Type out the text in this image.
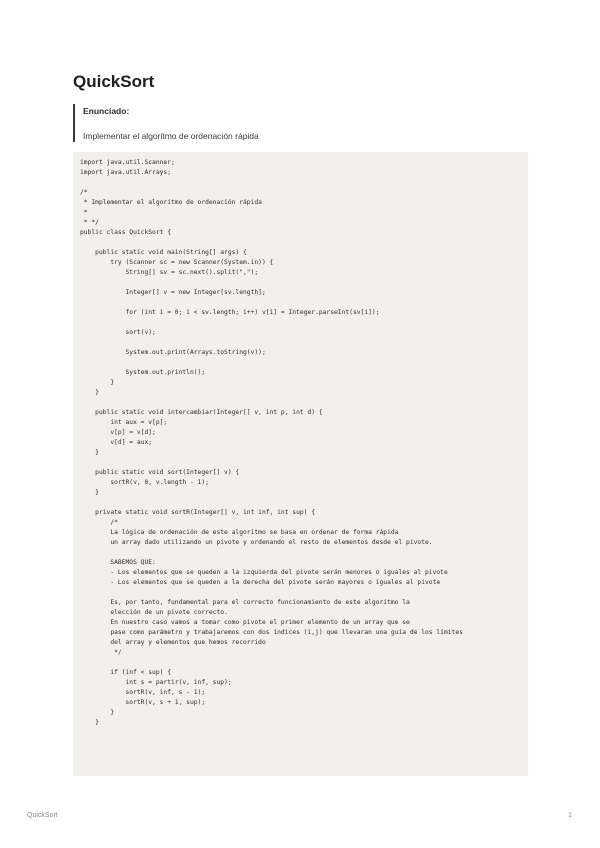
QuickSort
Enunciado:
Implementar el algoritmo de ordenación rápida
import java.util.Scanner;
import java.util.Arrays;

/*
* Implementar el algoritmo de ordenación rápida
*
* */
public class QuickSort {

public static void main(String[] args) {
try (Scanner sc = new Scanner(System.in)) {
String[] sv = sc.next().split(",");

Integer[] v = new Integer[sv.length];

for (int i = 0; i < sv.length; i++) v[i] = Integer.parseInt(sv[i]);

sort(v);

System.out.print(Arrays.toString(v));

System.out.println();
}
}

public static void intercambiar(Integer[] v, int p, int d) {
int aux = v[p];
v[p] = v[d];
v[d] = aux;
}

public static void sort(Integer[] v) {
sortR(v, 0, v.length - 1);
}

private static void sortR(Integer[] v, int inf, int sup) {
/*
La lógica de ordenación de este algoritmo se basa en ordenar de forma rápida
un array dado utilizando un pivote y ordenando el resto de elementos desde el pivote.

SABEMOS QUE:
- Los elementos que se queden a la izquierda del pivote serán menores o iguales al pivote
- Los elementos que se queden a la derecha del pivote serán mayores o iguales al pivote

Es, por tanto, fundamental para el correcto funcionamiento de este algoritmo la
elección de un pivote correcto.
En nuestro caso vamos a tomar como pivote el primer elemento de un array que se
pase como parámetro y trabajaremos con dos índices (i,j) que llevaran una guía de los límites
del array y elementos que hemos recorrido
*/

if (inf < sup) {
int s = partir(v, inf, sup);
sortR(v, inf, s - 1);
sortR(v, s + 1, sup);
}
}
QuickSort	1
